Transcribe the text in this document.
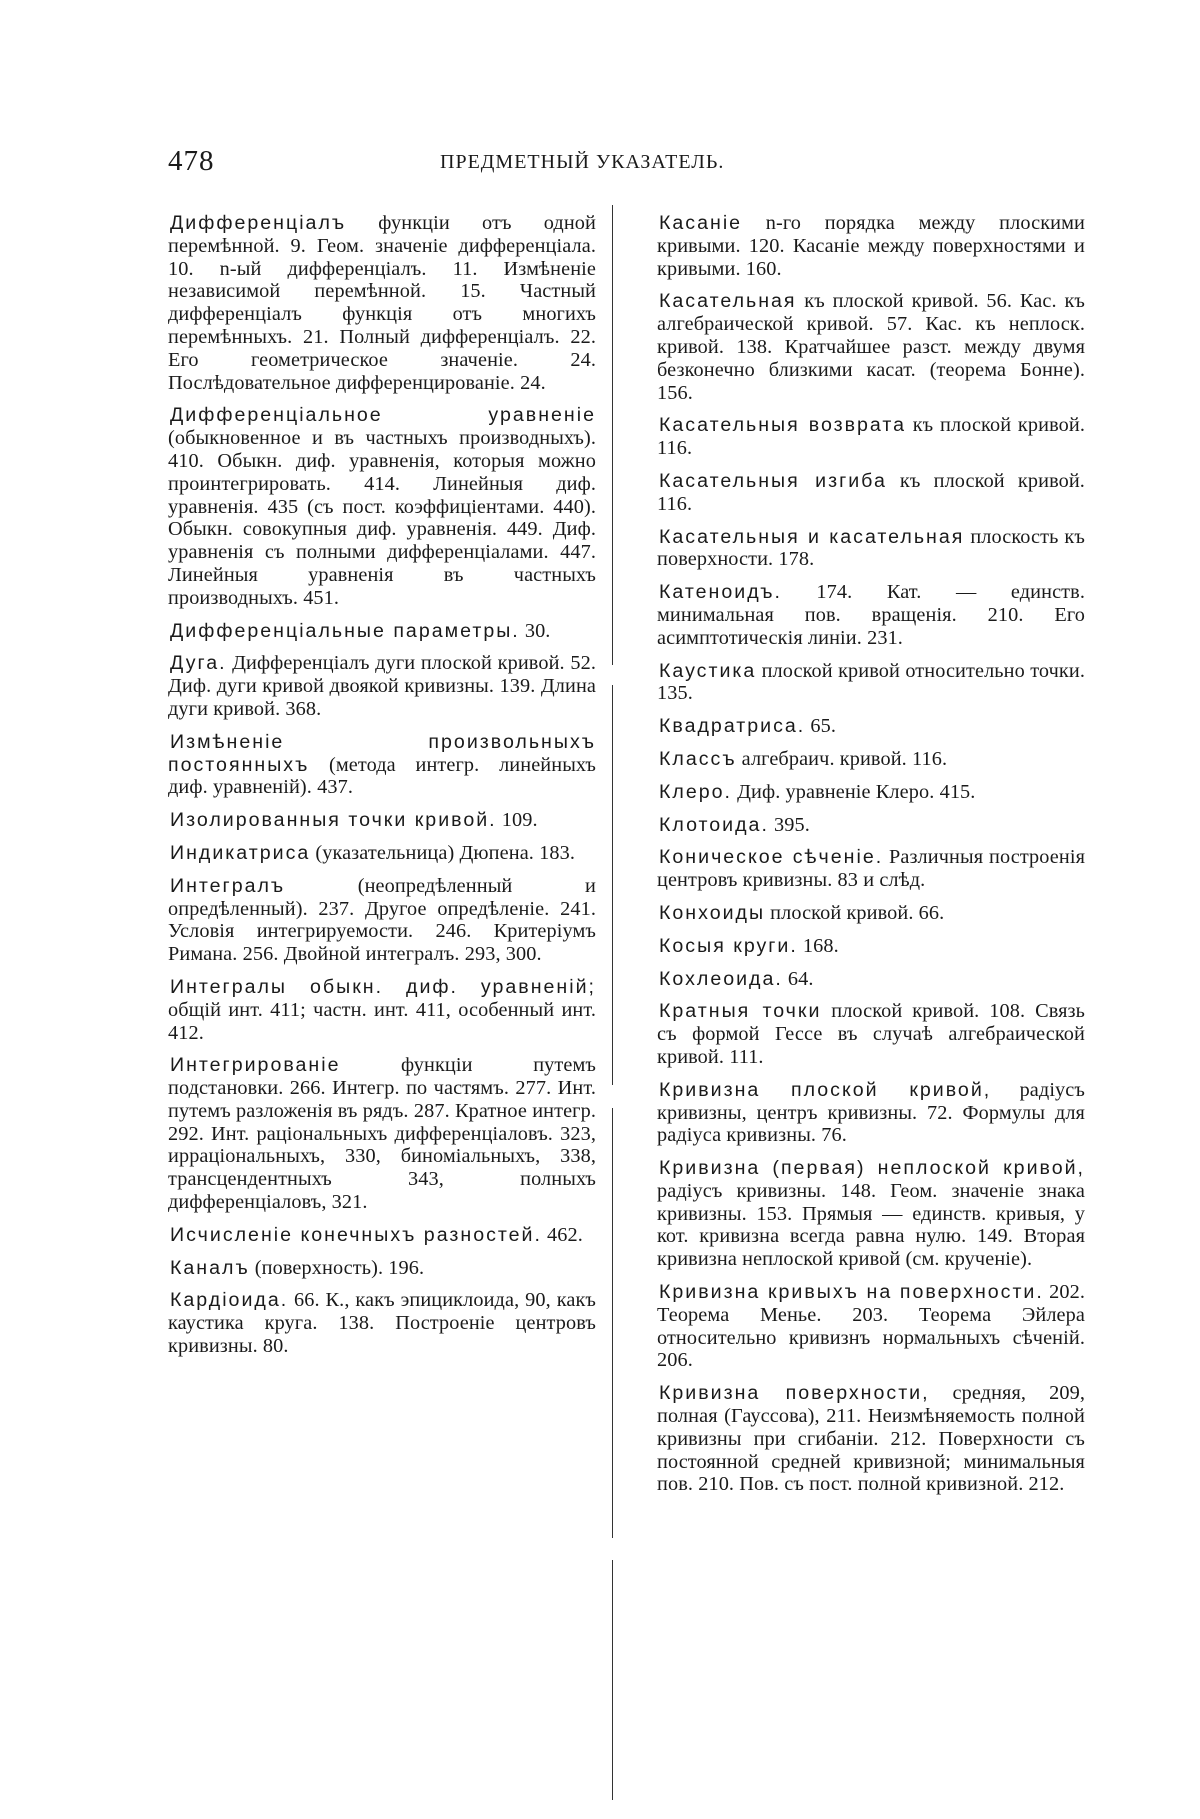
478	ПРЕДМЕТНЫЙ УКАЗАТЕЛЬ.

Дифференціалъ функціи отъ одной перемѣнной. 9. Геом. значеніе дифференціала. 10. n-ый дифференціалъ. 11. Измѣненіе независимой перемѣнной. 15. Частный дифференціалъ функція отъ многихъ перемѣнныхъ. 21. Полный дифференціалъ. 22. Его геометрическое значеніе. 24. Послѣдовательное дифференцированіе. 24.

Дифференціальное уравненіе (обыкновенное и въ частныхъ производныхъ). 410. Обыкн. диф. уравненія, которыя можно проинтегрировать. 414. Линейныя диф. уравненія. 435 (съ пост. коэффиціентами. 440). Обыкн. совокупныя диф. уравненія. 449. Диф. уравненія съ полными дифференціалами. 447. Линейныя уравненія въ частныхъ производныхъ. 451.

Дифференціальные параметры. 30.

Дуга. Дифференціалъ дуги плоской кривой. 52. Диф. дуги кривой двоякой кривизны. 139. Длина дуги кривой. 368.

Измѣненіе произвольныхъ постоянныхъ (метода интегр. линейныхъ диф. уравненій). 437.

Изолированныя точки кривой. 109.

Индикатриса (указательница) Дюпена. 183.

Интегралъ	(неопредѣленный и опредѣленный). 237. Другое опредѣленіе. 241. Условія интегрируемости. 246. Критеріумъ Римана. 256. Двойной интегралъ. 293, 300.

Интегралы обыкн. диф. уравненій; общій инт. 411; частн. инт. 411, особенный инт. 412.

Интегрированіе	функціи путемъ подстановки. 266. Интегр. по частямъ. 277. Инт. путемъ разложенія въ рядъ. 287. Кратное интегр. 292. Инт. раціональныхъ дифференціаловъ. 323, ирраціональныхъ, 330, биноміальныхъ, 338, трансцендентныхъ 343, полныхъ дифференціаловъ, 321.

Исчисленіе конечныхъ разностей. 462.

Каналъ (поверхность). 196.

Кардіоида. 66. К., какъ эпициклоида, 90, какъ каустика круга. 138. Построеніе центровъ кривизны. 80.

Касаніе n-го порядка между плоскими кривыми. 120. Касаніе между поверхностями и кривыми. 160.

Касательная къ плоской кривой. 56. Кас. къ алгебраической кривой. 57. Кас. къ неплоск. кривой. 138. Кратчайшее разст. между двумя безконечно близкими касат. (теорема Бонне). 156.

Касательныя возврата къ плоской кривой. 116.

Касательныя изгиба къ плоской кривой. 116.

Касательныя и касательная плоскость къ поверхности. 178.

Катеноидъ. 174. Кат. — единств. минимальная пов. вращенія. 210. Его асимптотическія линіи. 231.

Каустика плоской кривой относительно точки. 135.

Квадратриса. 65.

Классъ алгебраич. кривой. 116.

Клеро. Диф. уравненіе Клеро. 415.

Клотоида. 395.

Коническое сѣченіе. Различныя построенія центровъ кривизны. 83 и слѣд.

Конхоиды плоской кривой. 66.

Косыя круги. 168.

Кохлеоида. 64.

Кратныя точки плоской кривой. 108. Связь съ формой Гессе въ случаѣ алгебраической кривой. 111.

Кривизна плоской кривой, радіусъ кривизны, центръ кривизны. 72. Формулы для радіуса кривизны. 76.

Кривизна (первая) неплоской кривой, радіусъ кривизны. 148. Геом. значеніе знака кривизны. 153. Прямыя — единств. кривыя, у кот. кривизна всегда равна нулю. 149. Вторая кривизна неплоской кривой (см. крученіе).

Кривизна кривыхъ на поверхности. 202. Теорема Менье. 203. Теорема Эйлера относительно кривизнъ нормальныхъ сѣченій. 206.

Кривизна поверхности, средняя, 209, полная (Гауссова), 211. Неизмѣняемость полной кривизны при сгибаніи. 212. Поверхности съ постоянной средней кривизной; минимальныя пов. 210. Пов. съ пост. полной кривизной. 212.
